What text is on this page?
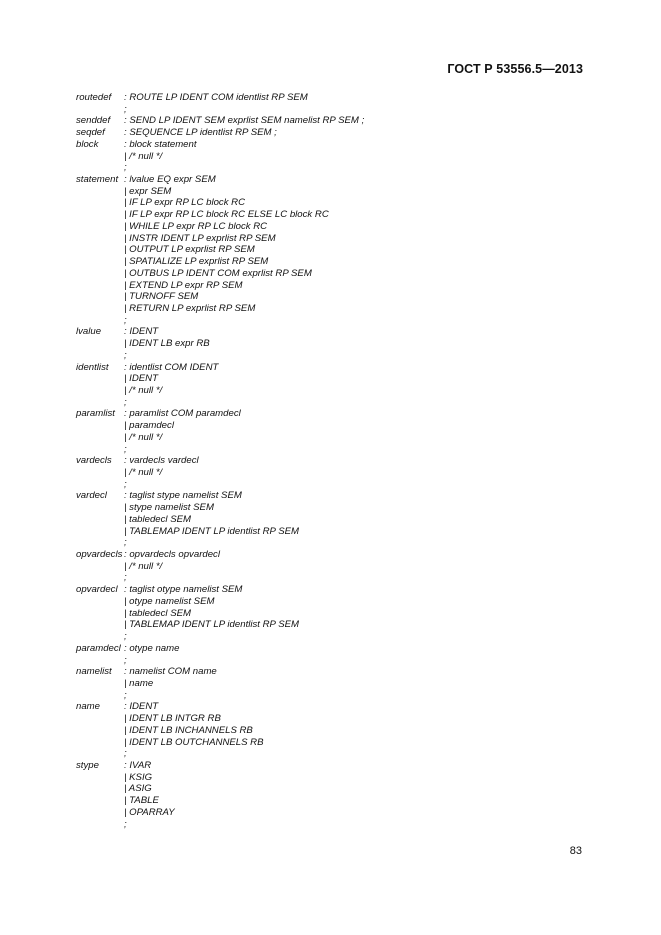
ГОСТ Р 53556.5—2013
routedef : ROUTE LP IDENT COM identlist RP SEM
;
senddef : SEND LP IDENT SEM exprlist SEM namelist RP SEM ;
seqdef : SEQUENCE LP identlist RP SEM ;
block	: block statement
| /* null */
;
statement : lvalue EQ expr SEM
| expr SEM
| IF LP expr RP LC block RC
| IF LP expr RP LC block RC ELSE LC block RC
| WHILE LP expr RP LC block RC
| INSTR IDENT LP exprlist RP SEM
| OUTPUT LP exprlist RP SEM
| SPATIALIZE LP exprlist RP SEM
| OUTBUS LP IDENT COM exprlist RP SEM
| EXTEND LP expr RP SEM
| TURNOFF SEM
| RETURN LP exprlist RP SEM
;
lvalue : IDENT
| IDENT LB expr RB
;
identlist : identlist COM IDENT
| IDENT
| /* null */
;
paramlist : paramlist COM paramdecl
| paramdecl
| /* null */
;
vardecls : vardecls vardecl
| /* null */
;
vardecl : taglist stype namelist SEM
| stype namelist SEM
| tabledecl SEM
| TABLEMAP IDENT LP identlist RP SEM
;
opvardecls : opvardecls opvardecl
| /* null */
;
opvardecl : taglist otype namelist SEM
| otype namelist SEM
| tabledecl SEM
| TABLEMAP IDENT LP identlist RP SEM
;
paramdecl : otype name
;
namelist : namelist COM name
| name
;
name	: IDENT
| IDENT LB INTGR RB
| IDENT LB INCHANNELS RB
| IDENT LB OUTCHANNELS RB
;
stype	: IVAR
| KSIG
| ASIG
| TABLE
| OPARRAY
;
83
